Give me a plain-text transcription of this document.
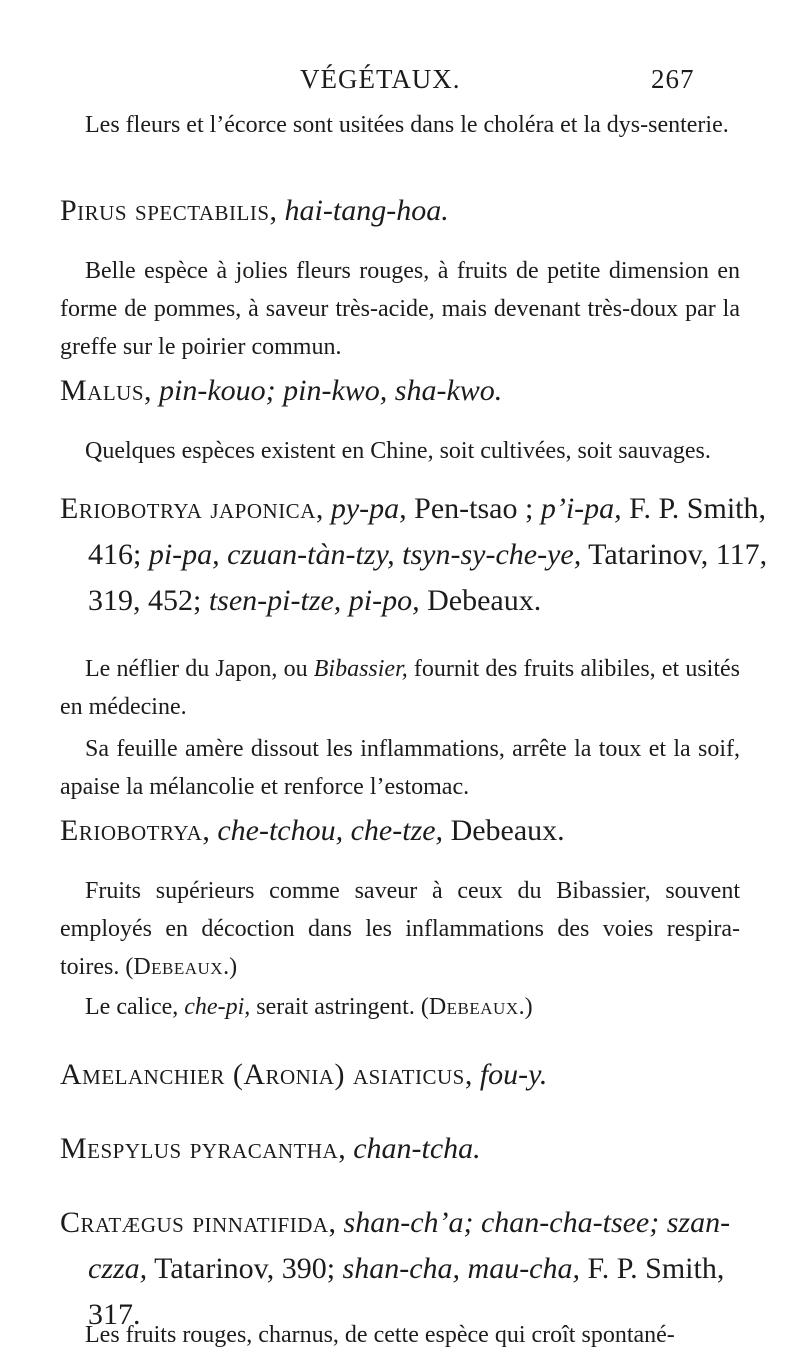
VÉGÉTAUX.	267
Les fleurs et l’écorce sont usitées dans le choléra et la dys-senterie.
Pirus spectabilis, hai-tang-hoa.
Belle espèce à jolies fleurs rouges, à fruits de petite dimension en forme de pommes, à saveur très-acide, mais devenant très-doux par la greffe sur le poirier commun.
Malus, pin-kouo; pin-kwo, sha-kwo.
Quelques espèces existent en Chine, soit cultivées, soit sauvages.
Eriobotrya japonica, py-pa, Pen-tsao ; p’i-pa, F. P. Smith, 416; pi-pa, czuan-tàn-tzy, tsyn-sy-che-ye, Tatarinov, 117, 319, 452; tsen-pi-tze, pi-po, Debeaux.
Le néflier du Japon, ou Bibassier, fournit des fruits alibiles, et usités en médecine.
Sa feuille amère dissout les inflammations, arrête la toux et la soif, apaise la mélancolie et renforce l’estomac.
Eriobotrya, che-tchou, che-tze, Debeaux.
Fruits supérieurs comme saveur à ceux du Bibassier, souvent employés en décoction dans les inflammations des voies respira-toires. (Debeaux.)
Le calice, che-pi, serait astringent. (Debeaux.)
Amelanchier (Aronia) asiaticus, fou-y.
Mespylus pyracantha, chan-tcha.
Cratægus pinnatifida, shan-ch’a; chan-cha-tsee; szan-czza, Tatarinov, 390; shan-cha, mau-cha, F. P. Smith, 317.
Les fruits rouges, charnus, de cette espèce qui croît spontané-
